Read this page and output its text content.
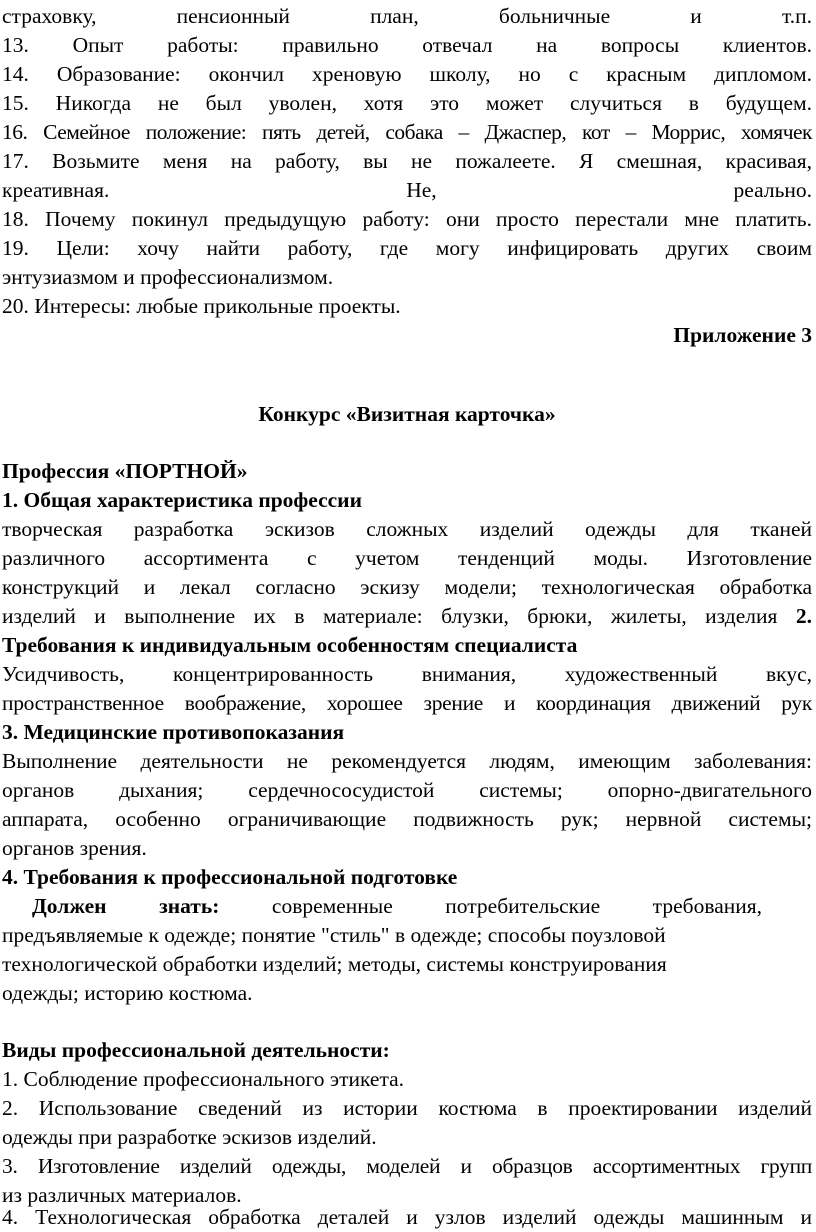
страховку, пенсионный план, больничные и т.п.
13. Опыт работы: правильно отвечал на вопросы клиентов.
14. Образование: окончил хреновую школу, но с красным дипломом.
15. Никогда не был уволен, хотя это может случиться в будущем.
16. Семейное положение: пять детей, собака – Джаспер, кот – Моррис, хомячек
17. Возьмите меня на работу, вы не пожалеете. Я смешная, красивая,
креативная. Не, реально.
18. Почему покинул предыдущую работу: они просто перестали мне платить.
19. Цели: хочу найти работу, где могу инфицировать других своим
энтузиазмом и профессионализмом.
20. Интересы: любые прикольные проекты.
Приложение 3
Конкурс «Визитная карточка»
Профессия «ПОРТНОЙ»
1. Общая характеристика профессии
творческая разработка эскизов сложных изделий одежды для тканей
различного ассортимента с учетом тенденций моды. Изготовление
конструкций и лекал согласно эскизу модели; технологическая обработка
изделий и выполнение их в материале: блузки, брюки, жилеты, изделия 2.
Требования к индивидуальным особенностям специалиста
Усидчивость, концентрированность внимания, художественный вкус,
пространственное воображение, хорошее зрение и координация движений рук
3. Медицинские противопоказания
Выполнение деятельности не рекомендуется людям, имеющим заболевания:
органов дыхания; сердечнососудистой системы; опорно-двигательного
аппарата, особенно ограничивающие подвижность рук; нервной системы;
органов зрения.
4. Требования к профессиональной подготовке
Должен знать: современные потребительские требования,
предъявляемые к одежде; понятие "стиль" в одежде; способы поузловой
технологической обработки изделий; методы, системы конструирования
одежды; историю костюма.
Виды профессиональной деятельности:
1. Соблюдение профессионального этикета.
2. Использование сведений из истории костюма в проектировании изделий
одежды при разработке эскизов изделий.
3. Изготовление изделий одежды, моделей и образцов ассортиментных групп
из различных материалов.
4. Технологическая обработка деталей и узлов изделий одежды машинным и
